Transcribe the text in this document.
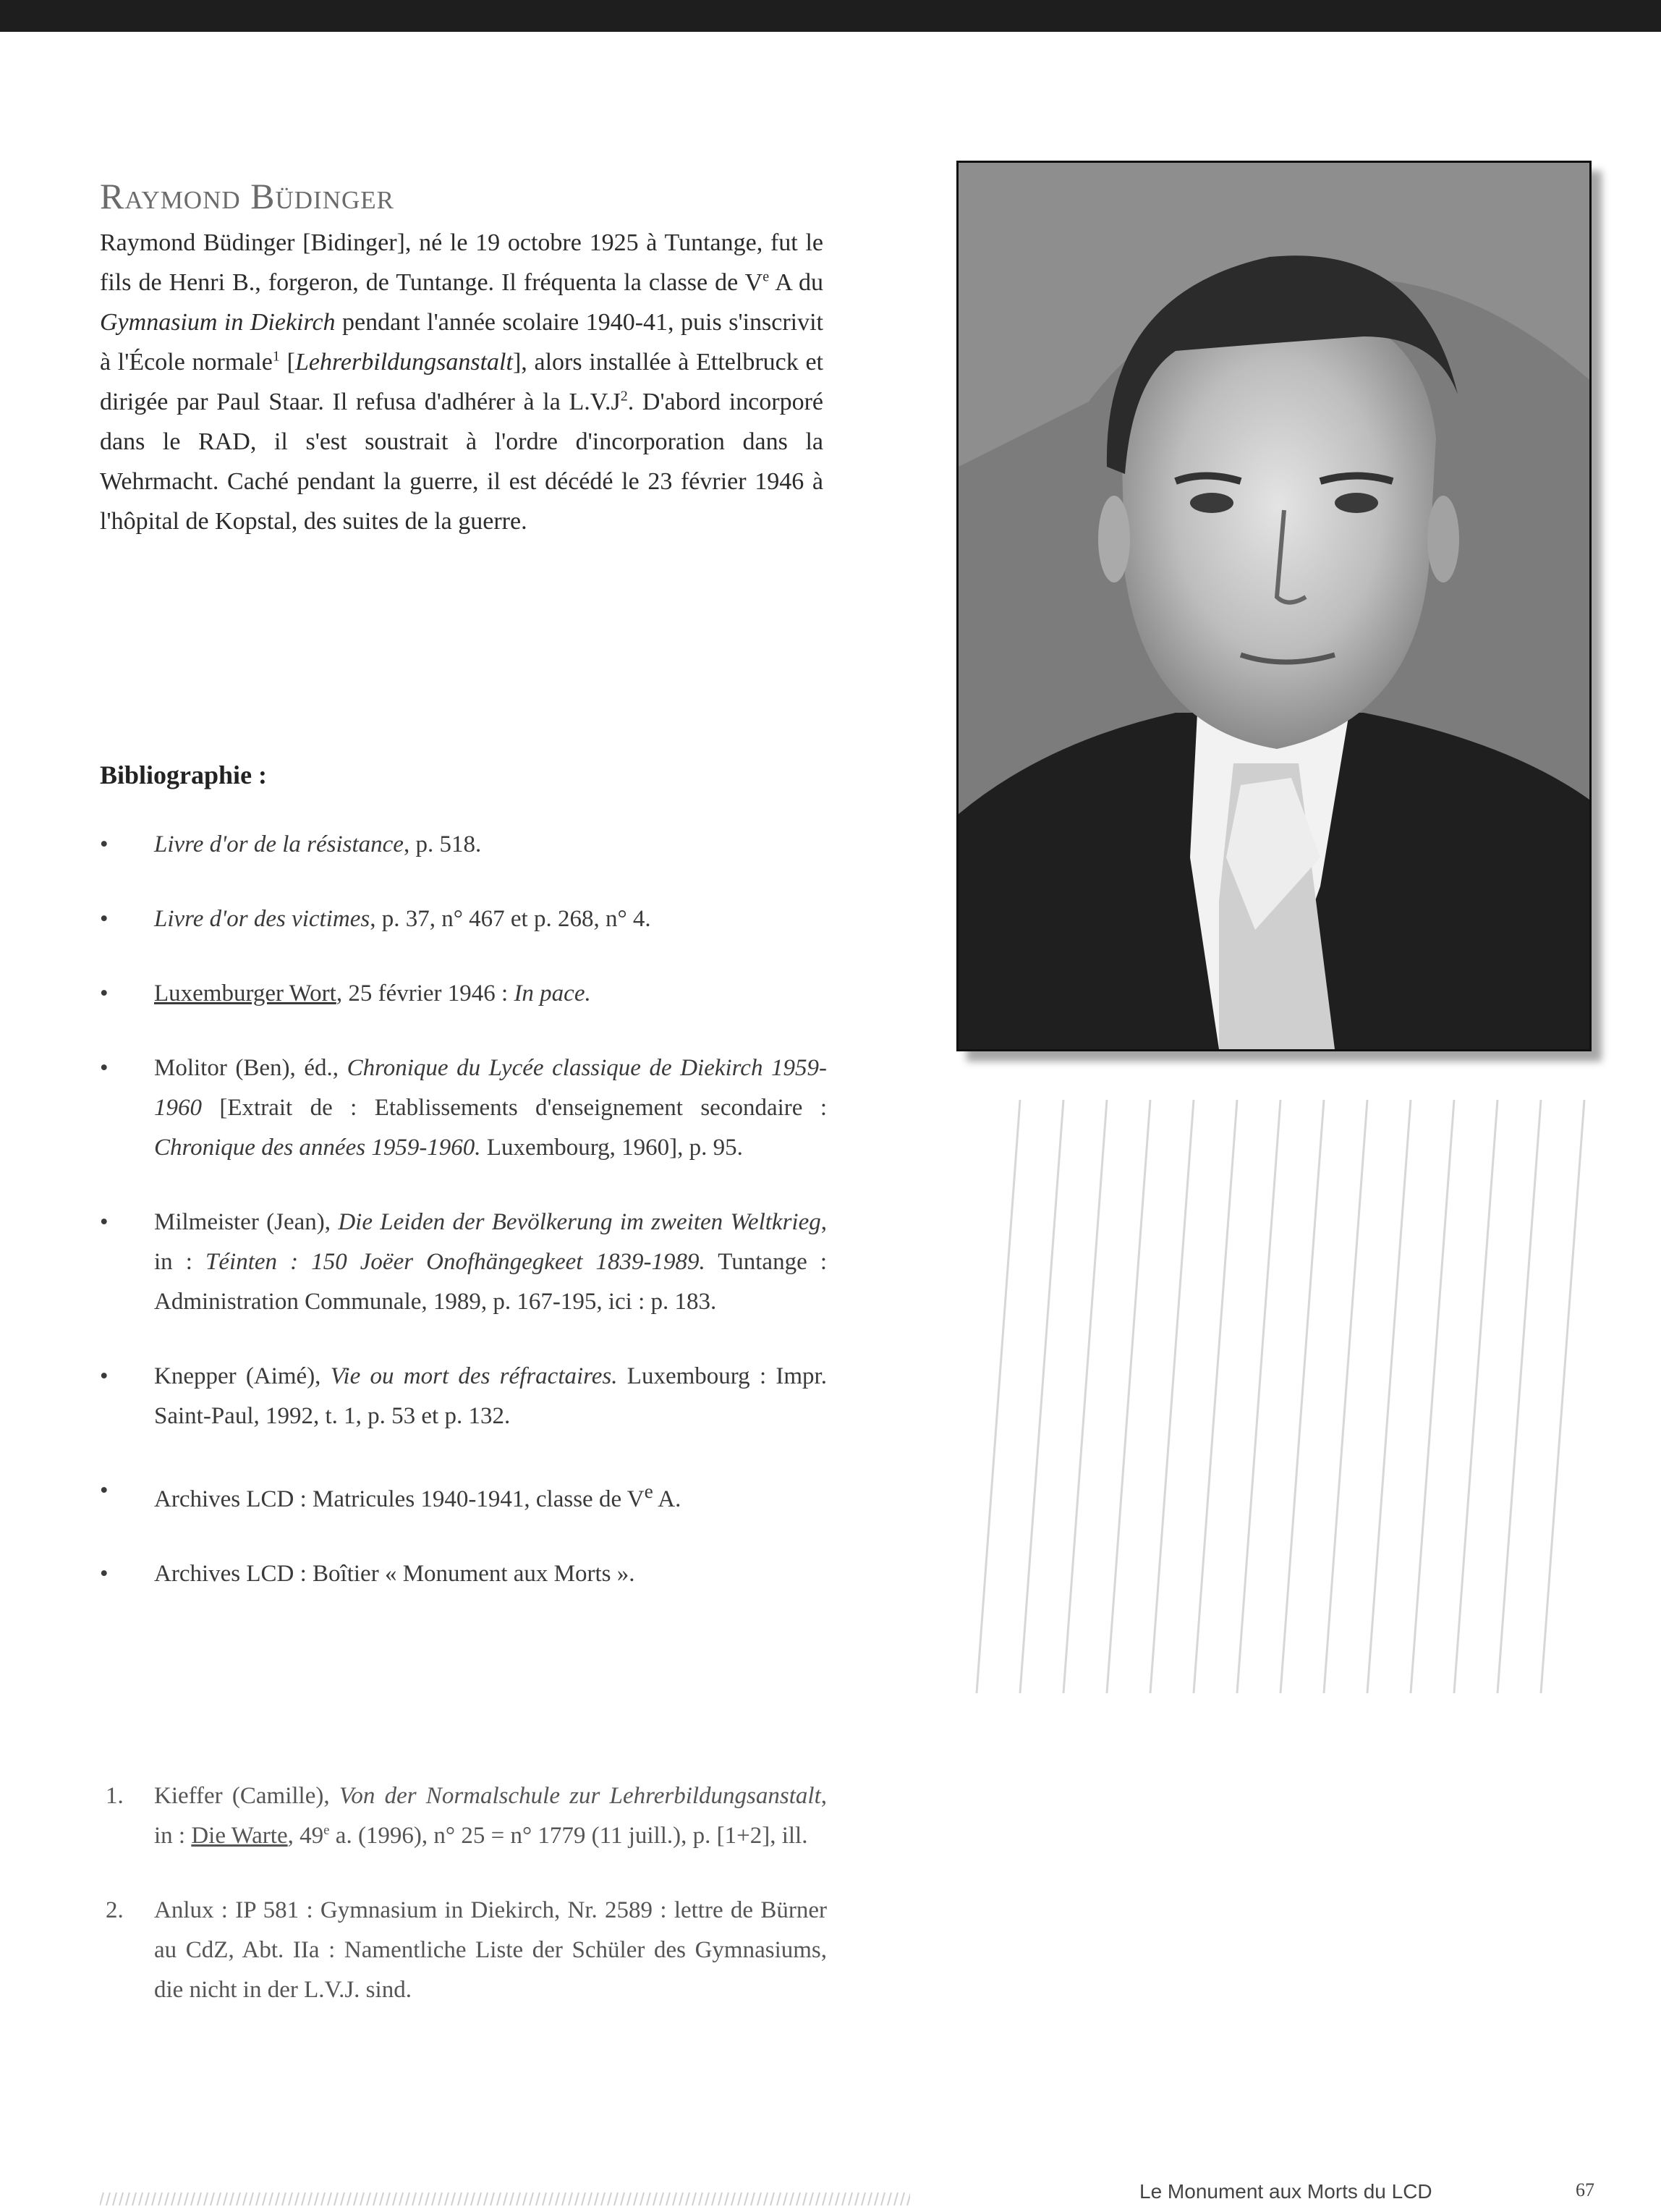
Raymond Büdinger
Raymond Büdinger [Bidinger], né le 19 octobre 1925 à Tuntange, fut le fils de Henri B., forgeron, de Tuntange. Il fréquenta la classe de Ve A du Gymnasium in Diekirch pendant l'année scolaire 1940-41, puis s'inscrivit à l'École normale$^1$ [Lehrerbildungsanstalt], alors installée à Ettelbruck et dirigée par Paul Staar. Il refusa d'adhérer à la $L.V.J^2$. D'abord incorporé dans le RAD, il s'est soustrait à l'ordre d'incorporation dans la Wehrmacht. Caché pendant la guerre, il est décédé le 23 février 1946 à l'hôpital de Kopstal, des suites de la guerre.
Bibliographie :
• Livre d'or de la résistance, p. 518.
• Livre d'or des victimes, p. 37, n° 467 et p. 268, n° 4.
• Luxemburger Wort, 25 février 1946 : In pace.
• Molitor (Ben), éd., Chronique du Lycée classique de Diekirch 1959-1960 [Extrait de : Etablissements d'enseignement secondaire : Chronique des années 1959-1960. Luxembourg, 1960], p. 95.
• Milmeister (Jean), Die Leiden der Bevölkerung im zweiten Weltkrieg, in : Téinten : 150 Joëer Onofhängegkeet 1839-1989. Tuntange : Administration Communale, 1989, p. 167-195, ici : p. 183.
• Knepper (Aimé), Vie ou mort des réfractaires. Luxembourg : Impr. Saint-Paul, 1992, t. 1, p. 53 et p. 132.
• Archives LCD : Matricules 1940-1941, classe de Ve A.
• Archives LCD : Boîtier « Monument aux Morts ».
1. Kieffer (Camille), Von der Normalschule zur Lehrerbildungsanstalt, in : Die Warte, 49e a. (1996), n° 25 = n° 1779 (11 juill.), p. [1+2], ill.
2. Anlux : IP 581 : Gymnasium in Diekirch, Nr. 2589 : lettre de Bürner au CdZ, Abt. IIa : Namentliche Liste der Schüler des Gymnasiums, die nicht in der L.V.J. sind.
Le Monument aux Morts du LCD	67
